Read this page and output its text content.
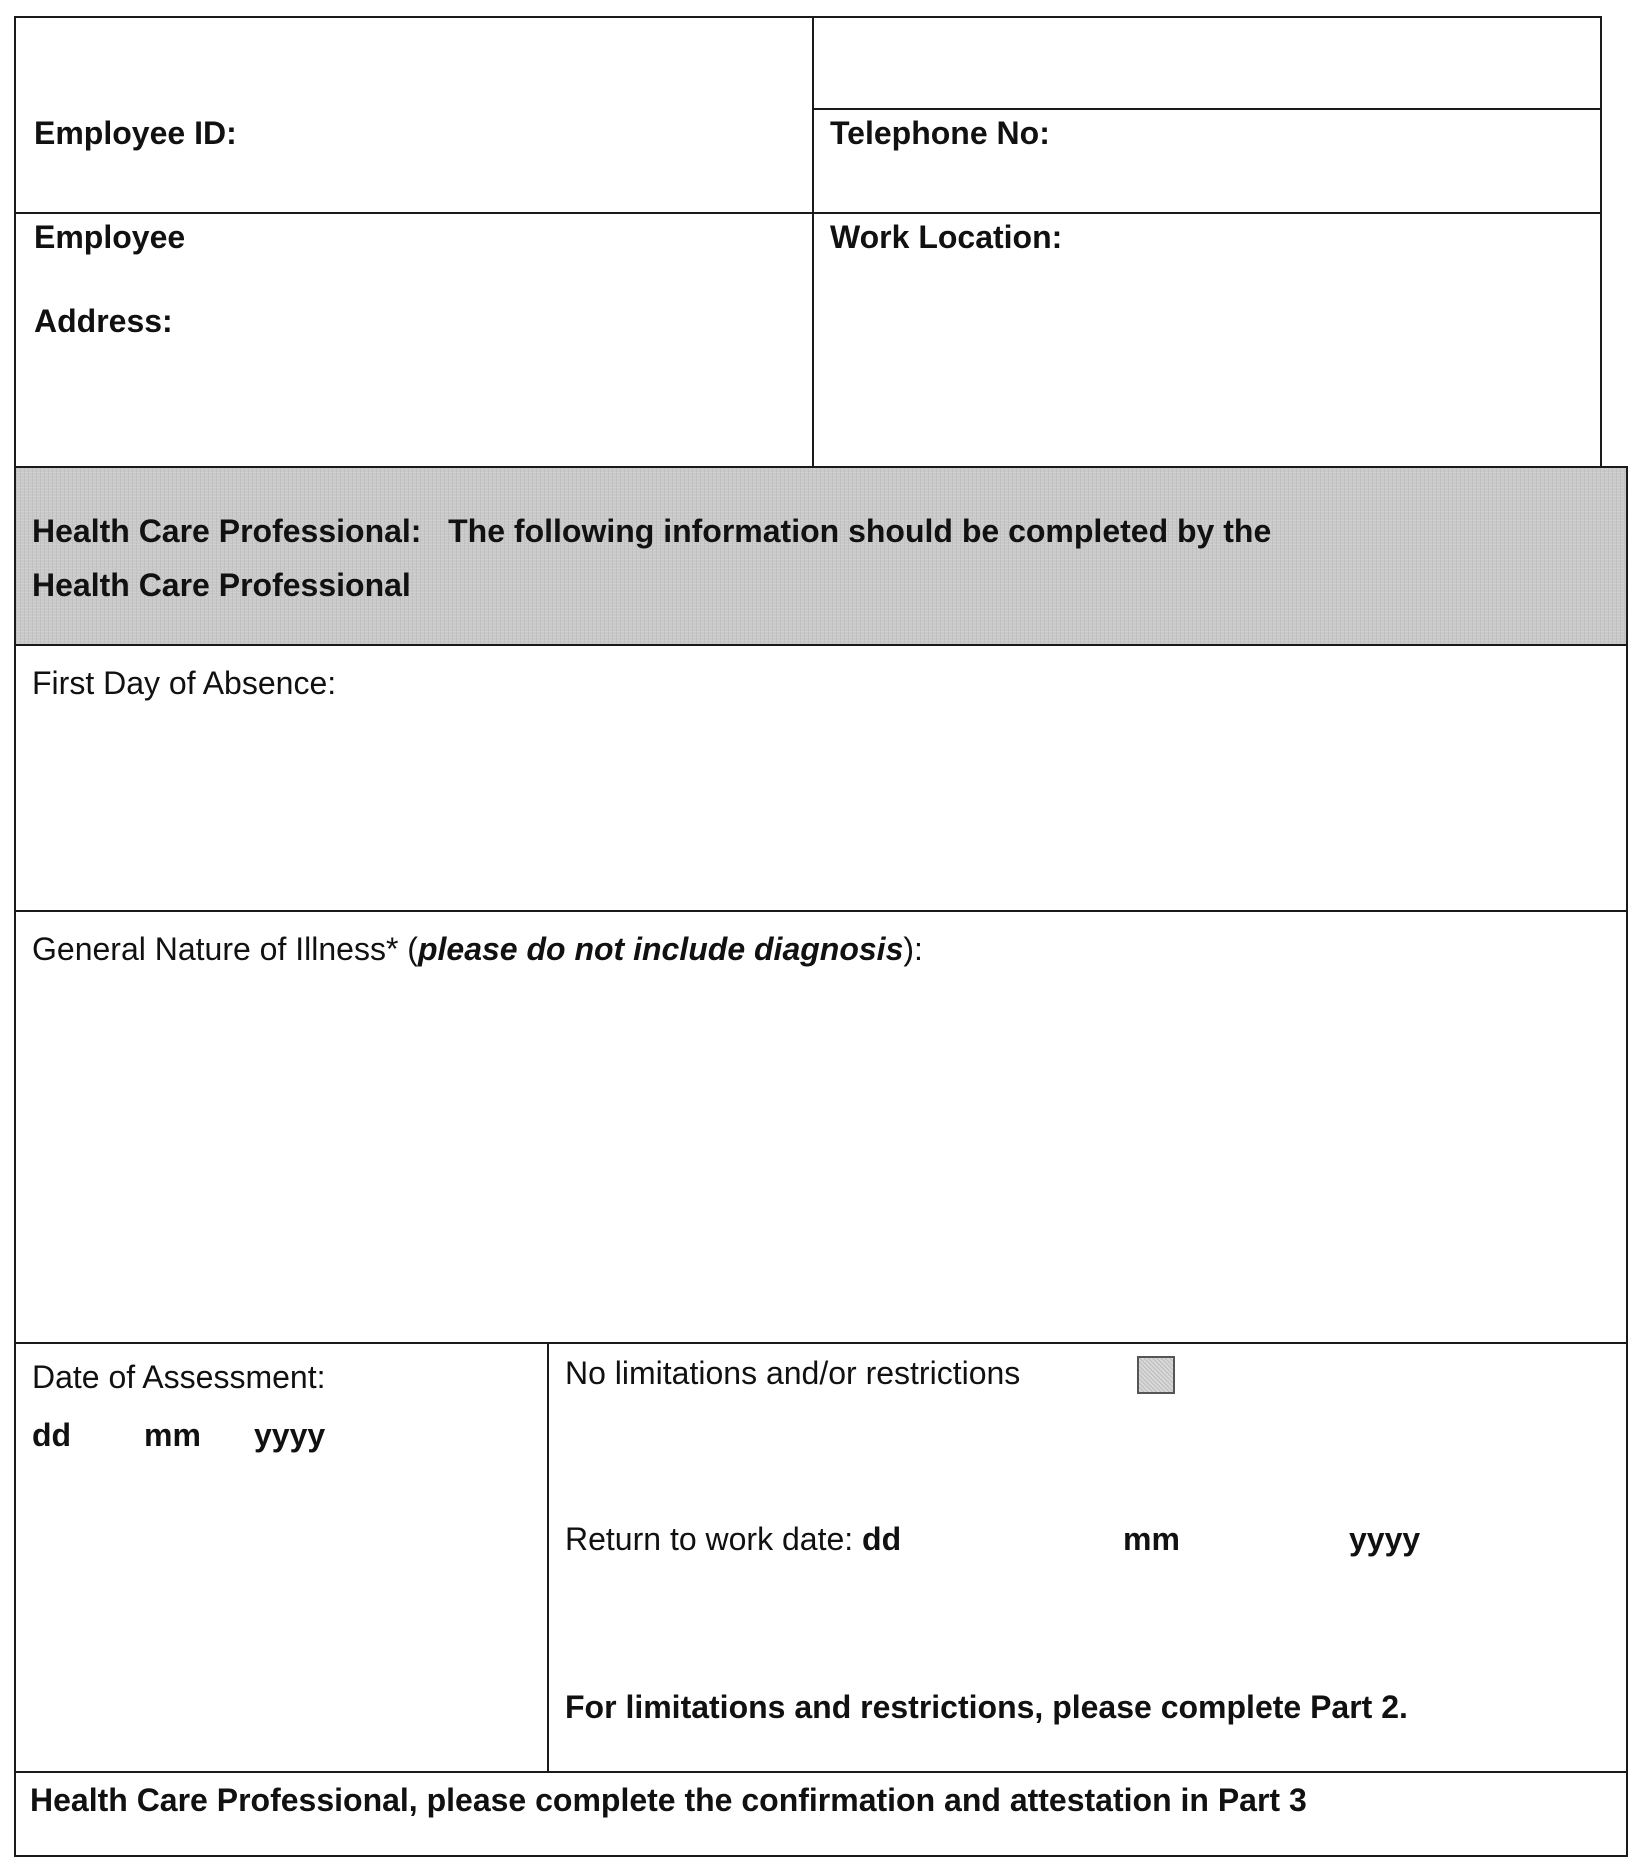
Employee ID:	Telephone No:
Employee
Address:
Work Location:
Health Care Professional:   The following information should be completed by the
Health Care Professional
First Day of Absence:
General Nature of Illness* (please do not include diagnosis):
Date of Assessment:
dd mm yyyy
No limitations and/or restrictions
Return to work date: dd	mm	yyyy
For limitations and restrictions, please complete Part 2.
Health Care Professional, please complete the confirmation and attestation in Part 3
